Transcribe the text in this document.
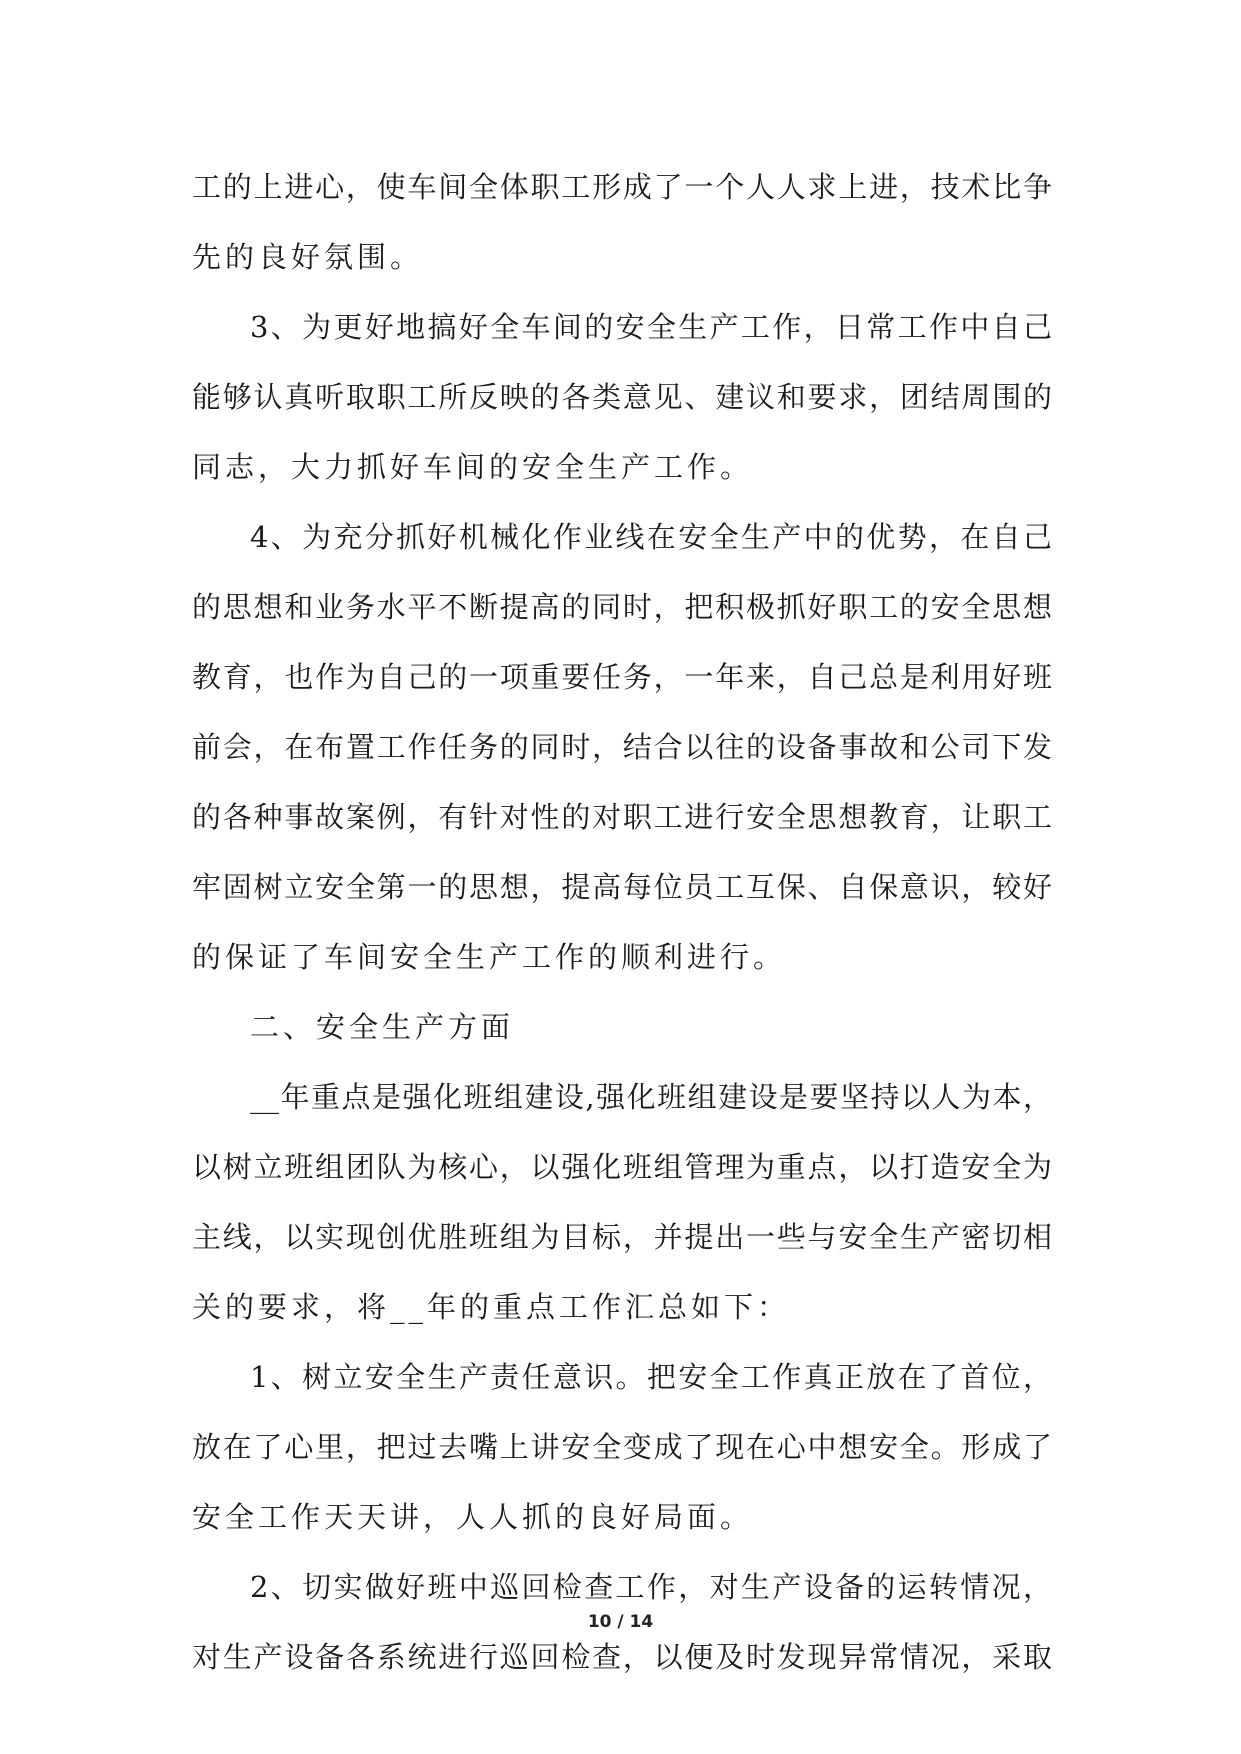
工的上进心，使车间全体职工形成了一个人人求上进，技术比争
先的良好氛围。
3、为更好地搞好全车间的安全生产工作，日常工作中自己
能够认真听取职工所反映的各类意见、建议和要求，团结周围的
同志，大力抓好车间的安全生产工作。
4、为充分抓好机械化作业线在安全生产中的优势，在自己
的思想和业务水平不断提高的同时，把积极抓好职工的安全思想
教育，也作为自己的一项重要任务，一年来，自己总是利用好班
前会，在布置工作任务的同时，结合以往的设备事故和公司下发
的各种事故案例，有针对性的对职工进行安全思想教育，让职工
牢固树立安全第一的思想，提高每位员工互保、自保意识，较好
的保证了车间安全生产工作的顺利进行。
二、安全生产方面
__年重点是强化班组建设,强化班组建设是要坚持以人为本，
以树立班组团队为核心，以强化班组管理为重点，以打造安全为
主线，以实现创优胜班组为目标，并提出一些与安全生产密切相
关的要求，将__年的重点工作汇总如下：
1、树立安全生产责任意识。把安全工作真正放在了首位，
放在了心里，把过去嘴上讲安全变成了现在心中想安全。形成了
安全工作天天讲，人人抓的良好局面。
2、切实做好班中巡回检查工作，对生产设备的运转情况，
对生产设备各系统进行巡回检查，以便及时发现异常情况，采取
10 / 14
